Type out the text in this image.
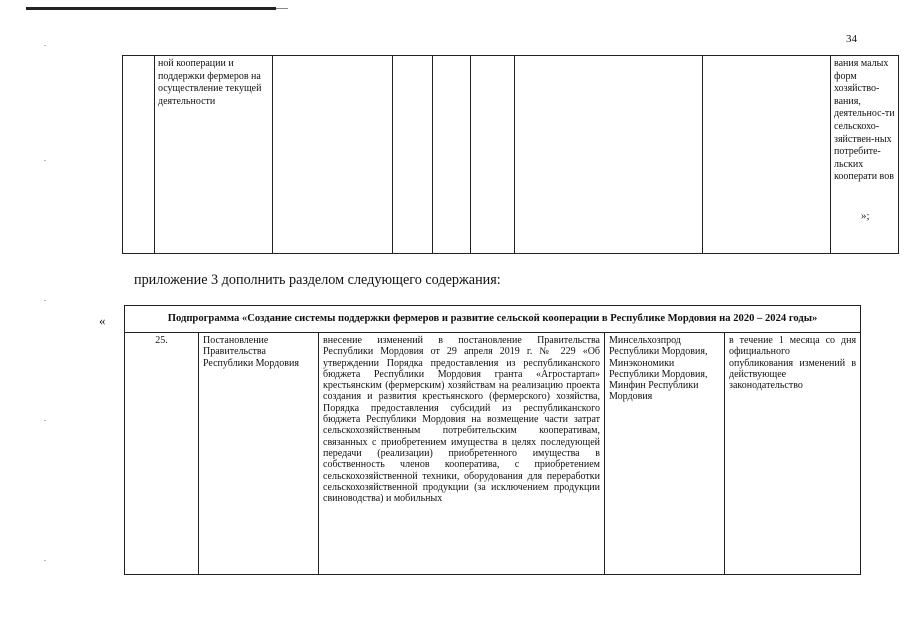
34
	ной кооперации и поддержки фермеров на осуществление текущей деятельности							вания малых форм хозяйство-вания, деятельнос-ти сельскохо-зяйствен-ных потребите-льских кооперати вов
»;
приложение 3 дополнить разделом следующего содержания:
«	Подпрограмма «Создание системы поддержки фермеров и развитие сельской кооперации в Республике Мордовия на 2020 – 2024 годы»
25.	Постановление Правительства Республики Мордовия	внесение изменений в постановление Правительства Республики Мордовия от 29 апреля 2019 г. № 229 «Об утверждении Порядка предоставления из республиканского бюджета Республики Мордовия гранта «Агростартап» крестьянским (фермерским) хозяйствам на реализацию проекта создания и развития крестьянского (фермерского) хозяйства, Порядка предоставления субсидий из республиканского бюджета Республики Мордовия на возмещение части затрат сельскохозяйственным потребительским кооперативам, связанных с приобретением имущества в целях последующей передачи (реализации) приобретенного имущества в собственность членов кооператива, с приобретением сельскохозяйственной техники, оборудования для переработки сельскохозяйственной продукции (за исключением продукции свиноводства) и мобильных	Минсельхозпрод Республики Мордовия, Минэкономики Республики Мордовия, Минфин Республики Мордовия	в течение 1 месяца со дня официального опубликования изменений в действующее законодательство
